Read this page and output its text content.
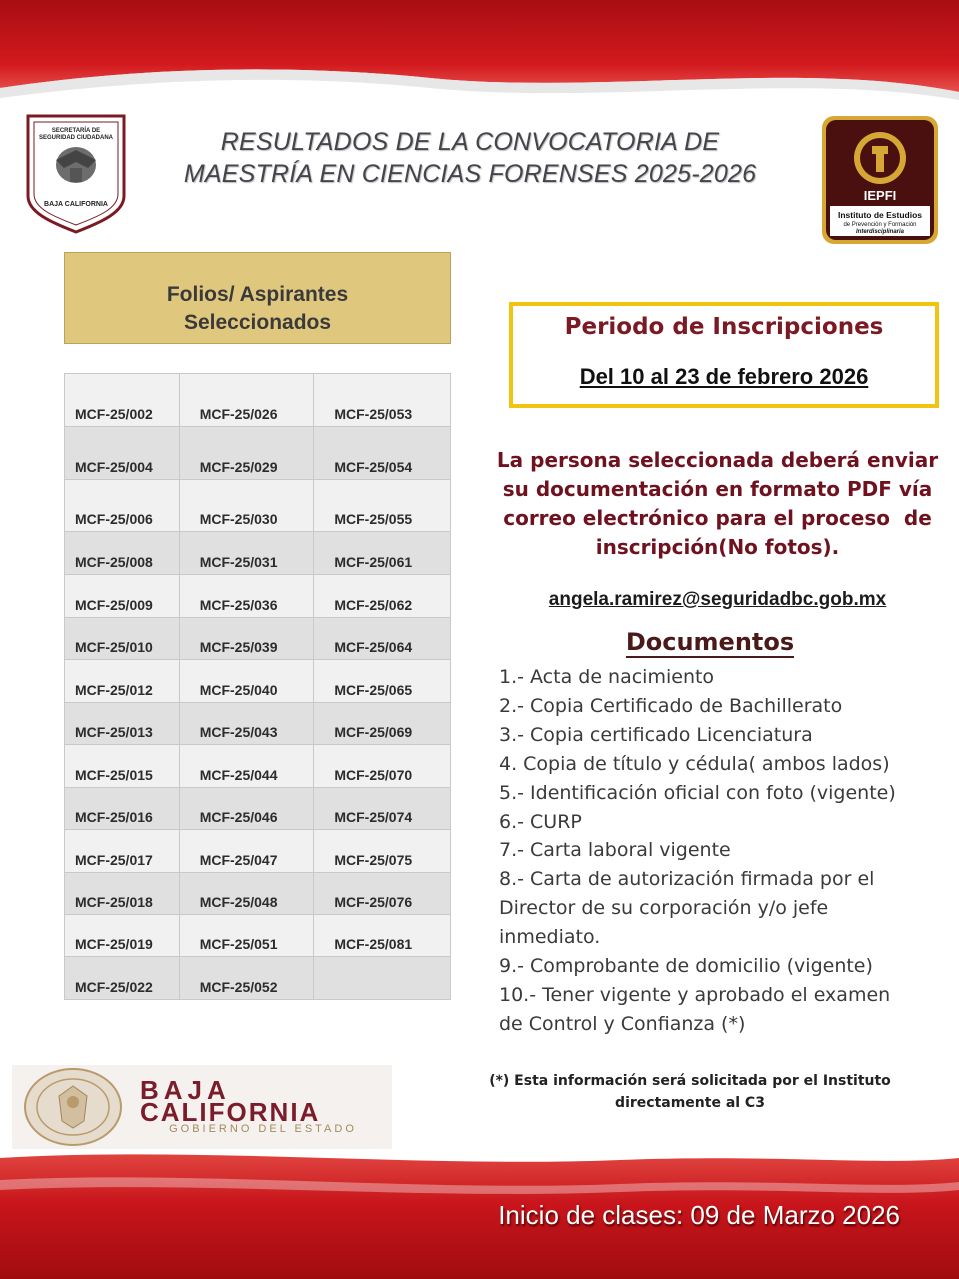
RESULTADOS DE LA CONVOCATORIA DE
MAESTRÍA EN CIENCIAS FORENSES 2025-2026
SECRETARÍA DE
SEGURIDAD CIUDADANA
BAJA CALIFORNIA
IEPFI
Instituto de Estudios
de Prevención y Formación
Interdisciplinaria
Folios/ Aspirantes
Seleccionados
MCF-25/002	MCF-25/026	MCF-25/053
MCF-25/004	MCF-25/029	MCF-25/054
MCF-25/006	MCF-25/030	MCF-25/055
MCF-25/008	MCF-25/031	MCF-25/061
MCF-25/009	MCF-25/036	MCF-25/062
MCF-25/010	MCF-25/039	MCF-25/064
MCF-25/012	MCF-25/040	MCF-25/065
MCF-25/013	MCF-25/043	MCF-25/069
MCF-25/015	MCF-25/044	MCF-25/070
MCF-25/016	MCF-25/046	MCF-25/074
MCF-25/017	MCF-25/047	MCF-25/075
MCF-25/018	MCF-25/048	MCF-25/076
MCF-25/019	MCF-25/051	MCF-25/081
MCF-25/022	MCF-25/052	
Periodo de Inscripciones
Del 10 al 23 de febrero 2026
La persona seleccionada deberá enviar
su documentación en formato PDF vía
correo electrónico para el proceso  de
inscripción(No fotos).
angela.ramirez@seguridadbc.gob.mx
Documentos
1.- Acta de nacimiento
2.- Copia Certificado de Bachillerato
3.- Copia certificado Licenciatura
4. Copia de título y cédula( ambos lados)
5.- Identificación oficial con foto (vigente)
6.- CURP
7.- Carta laboral vigente
8.- Carta de autorización firmada por el Director de su corporación y/o jefe inmediato.
9.- Comprobante de domicilio (vigente)
10.- Tener vigente y aprobado el examen de Control y Confianza (*)
(*) Esta información será solicitada por el Instituto
directamente al C3
BAJA
CALIFORNIA
GOBIERNO DEL ESTADO
Inicio de clases: 09 de Marzo 2026
